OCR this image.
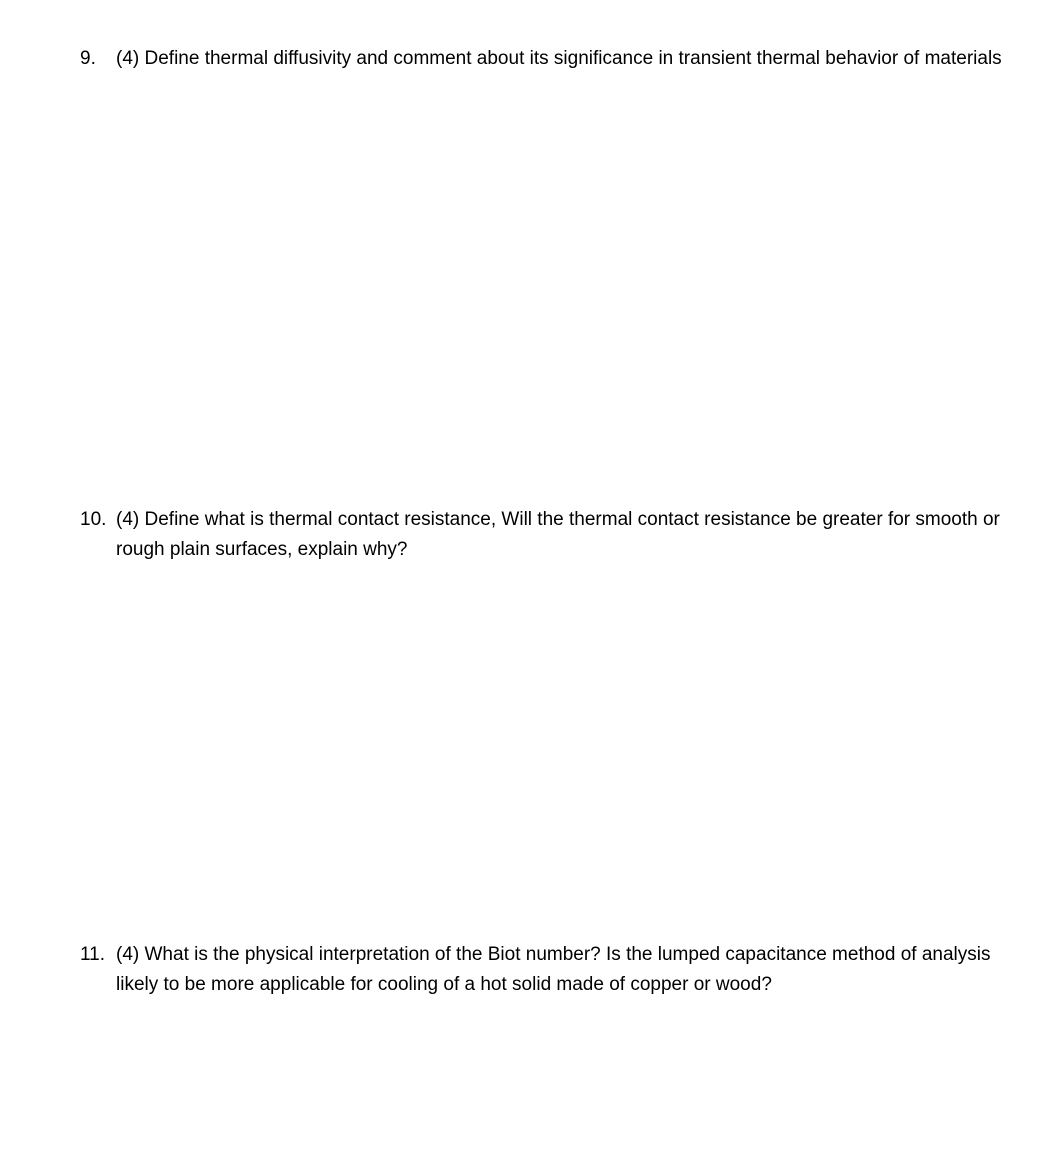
9. (4) Define thermal diffusivity and comment about its significance in transient thermal behavior of materials
10. (4) Define what is thermal contact resistance, Will the thermal contact resistance be greater for smooth or rough plain surfaces, explain why?
11. (4) What is the physical interpretation of the Biot number? Is the lumped capacitance method of analysis likely to be more applicable for cooling of a hot solid made of copper or wood?
